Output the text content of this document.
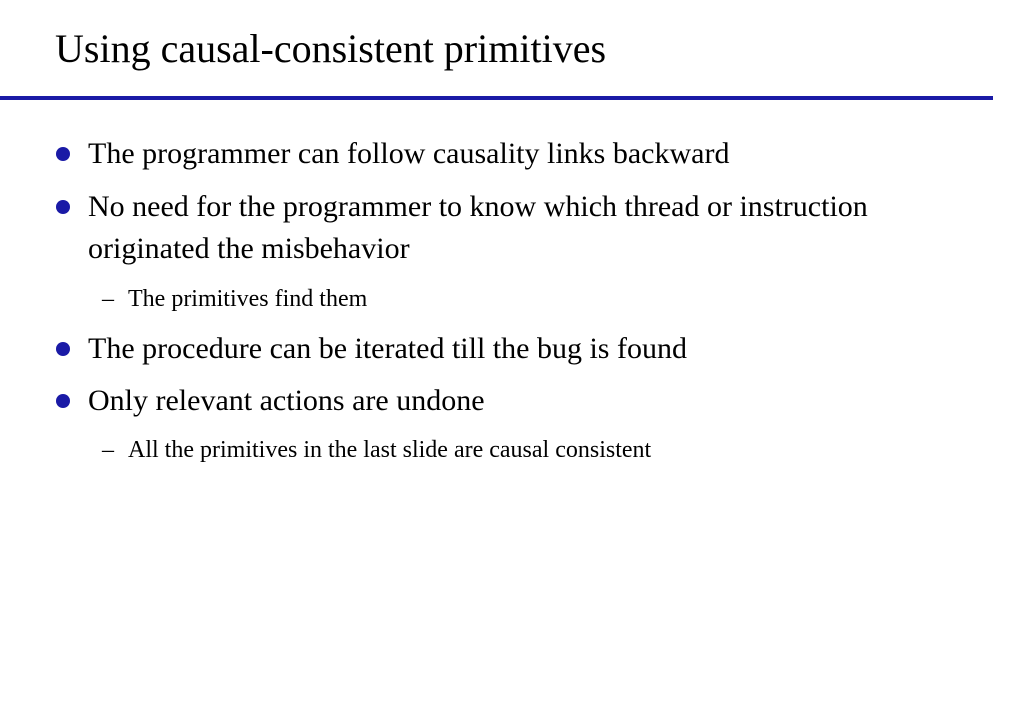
Using causal-consistent primitives
The programmer can follow causality links backward
No need for the programmer to know which thread or instruction originated the misbehavior
– The primitives find them
The procedure can be iterated till the bug is found
Only relevant actions are undone
– All the primitives in the last slide are causal consistent
